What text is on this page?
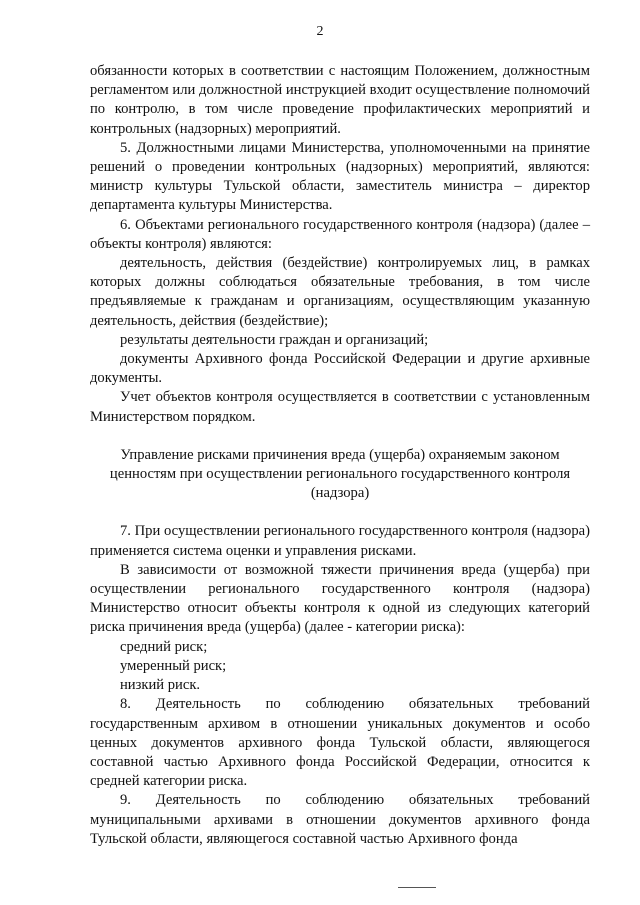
2

обязанности которых в соответствии с настоящим Положением, должностным регламентом или должностной инструкцией входит осуществление полномочий по контролю, в том числе проведение профилактических мероприятий и контрольных (надзорных) мероприятий.

5. Должностными лицами Министерства, уполномоченными на принятие решений о проведении контрольных (надзорных) мероприятий, являются: министр культуры Тульской области, заместитель министра – директор департамента культуры Министерства.

6. Объектами регионального государственного контроля (надзора) (далее – объекты контроля) являются:

деятельность, действия (бездействие) контролируемых лиц, в рамках которых должны соблюдаться обязательные требования, в том числе предъявляемые к гражданам и организациям, осуществляющим указанную деятельность, действия (бездействие);

результаты деятельности граждан и организаций;

документы Архивного фонда Российской Федерации и другие архивные документы.

Учет объектов контроля осуществляется в соответствии с установленным Министерством порядком.

Управление рисками причинения вреда (ущерба) охраняемым законом ценностям при осуществлении регионального государственного контроля (надзора)

7. При осуществлении регионального государственного контроля (надзора) применяется система оценки и управления рисками.

В зависимости от возможной тяжести причинения вреда (ущерба) при осуществлении регионального государственного контроля (надзора) Министерство относит объекты контроля к одной из следующих категорий риска причинения вреда (ущерба) (далее - категории риска):

средний риск;

умеренный риск;

низкий риск.

8. Деятельность по соблюдению обязательных требований государственным архивом в отношении уникальных документов и особо ценных документов архивного фонда Тульской области, являющегося составной частью Архивного фонда Российской Федерации, относится к средней категории риска.

9. Деятельность по соблюдению обязательных требований муниципальными архивами в отношении документов архивного фонда Тульской области, являющегося составной частью Архивного фонда
